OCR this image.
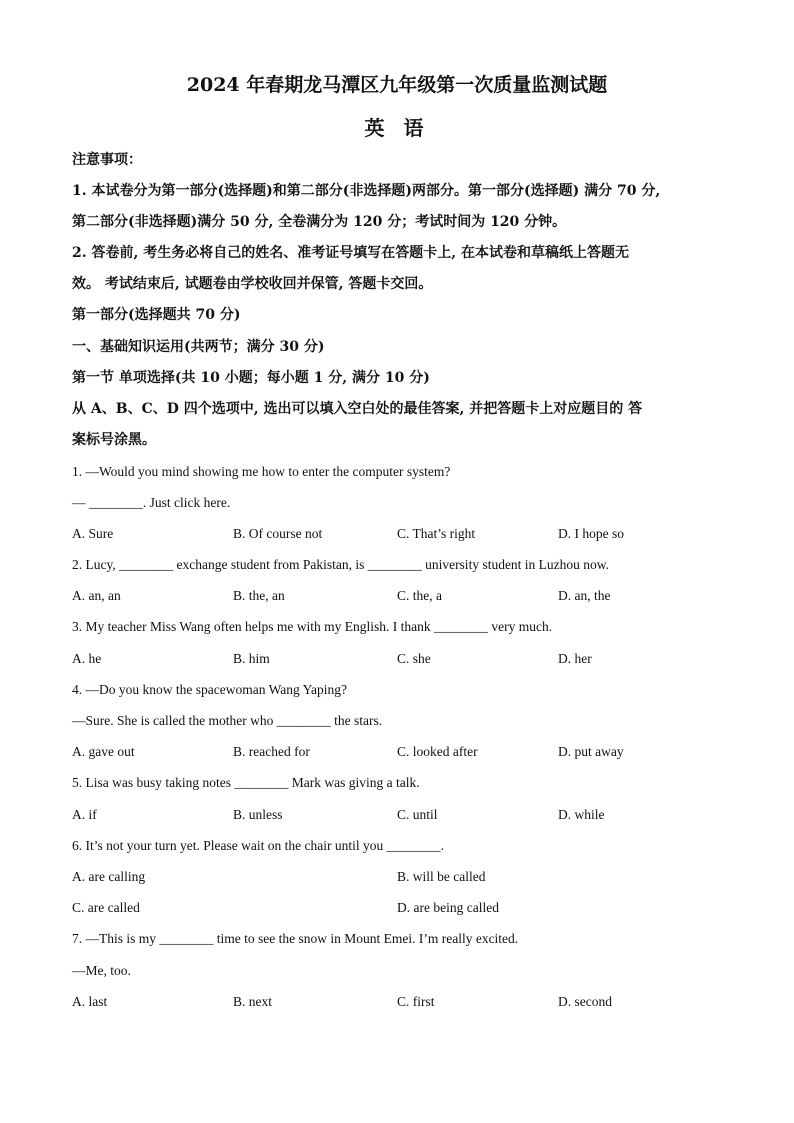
2024 年春期龙马潭区九年级第一次质量监测试题
英 语
注意事项：
1. 本试卷分为第一部分(选择题)和第二部分(非选择题)两部分。第一部分(选择题) 满分 70 分,
第二部分(非选择题)满分 50 分, 全卷满分为 120 分；考试时间为 120 分钟。
2. 答卷前, 考生务必将自己的姓名、准考证号填写在答题卡上, 在本试卷和草稿纸上答题无
效。 考试结束后, 试题卷由学校收回并保管, 答题卡交回。
第一部分(选择题共 70 分)
一、基础知识运用(共两节；满分 30 分)
第一节 单项选择(共 10 小题；每小题 1 分, 满分 10 分)
从 A、B、C、D 四个选项中, 选出可以填入空白处的最佳答案, 并把答题卡上对应题目的 答
案标号涂黑。
1. —Would you mind showing me how to enter the computer system?
— ________. Just click here.
A. Sure	B. Of course not	C. That’s right	D. I hope so
2. Lucy, ________ exchange student from Pakistan, is ________ university student in Luzhou now.
A. an, an	B. the, an	C. the, a	D. an, the
3. My teacher Miss Wang often helps me with my English. I thank ________ very much.
A. he	B. him	C. she	D. her
4. —Do you know the spacewoman Wang Yaping?
—Sure. She is called the mother who ________ the stars.
A. gave out	B. reached for	C. looked after	D. put away
5. Lisa was busy taking notes ________ Mark was giving a talk.
A. if	B. unless	C. until	D. while
6. It’s not your turn yet. Please wait on the chair until you ________.
A. are calling	B. will be called
C. are called	D. are being called
7. —This is my ________ time to see the snow in Mount Emei. I’m really excited.
—Me, too.
A. last	B. next	C. first	D. second
